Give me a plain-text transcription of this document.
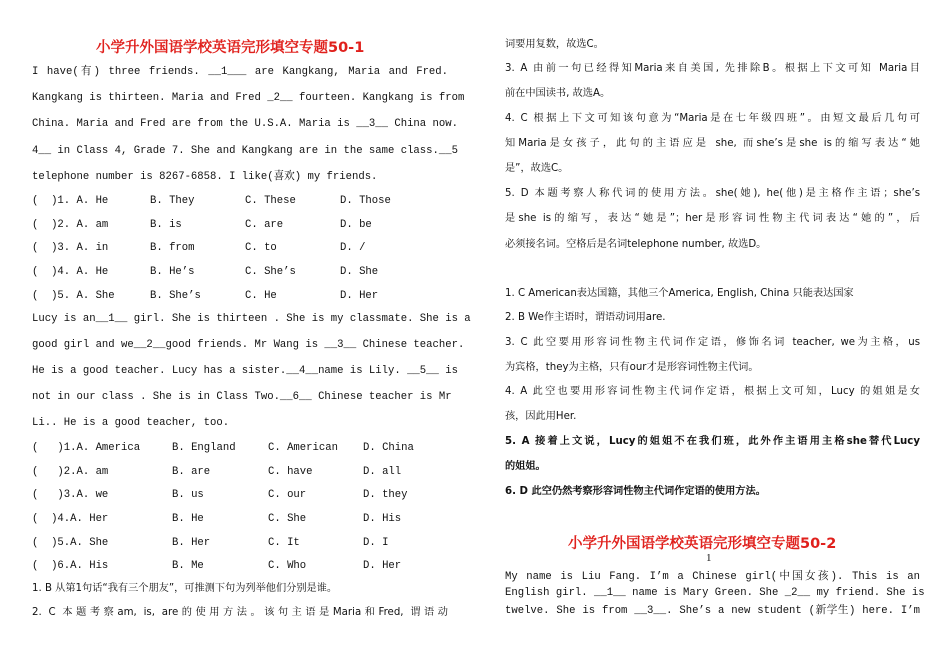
小学升外国语学校英语完形填空专题50-1
I have(有) three friends. __1___ are Kangkang, Maria and Fred.
Kangkang is thirteen. Maria and Fred _2__ fourteen. Kangkang is from
China. Maria and Fred are from the U.S.A. Maria is __3__ China now.
4__ in Class 4, Grade 7. She and Kangkang are in the same class.__5
telephone number is 8267-6858. I like(喜欢) my friends.
(  )1. A. He	B. They	C. These	D. Those
(  )2. A. am	B. is	C. are	D. be
(  )3. A. in	B. from	C. to	D. /
(  )4. A. He	B. He’s	C. She’s	D. She
(  )5. A. She	B. She’s	C. He	D. Her
Lucy is an__1__ girl. She is thirteen . She is my classmate. She is a
good girl and we__2__good friends. Mr Wang is __3__ Chinese teacher.
He is a good teacher. Lucy has a sister.__4__name is Lily. __5__ is
not in our class . She is in Class Two.__6__ Chinese teacher is Mr
Li.. He is a good teacher, too.
(   )1.A. America	B. England	C. American D. China
(   )2.A. am	B. are	C. have	D. all
(   )3.A. we	B. us	C. our	D. they
(  )4.A. Her	B. He	C. She	D. His
(  )5.A. She	B. Her	C. It	D. I
(  )6.A. His	B. Me	C. Who	D. Her
1. B 从第1句话“我有三个朋友”，可推测下句为列举他们分别是谁。
2. C 本题考察am, is, are的使用方法。该句主语是Maria和Fred, 谓语动
词要用复数，故选C。
3. A 由前一句已经得知Maria来自美国, 先排除B。根据上下文可知 Maria目
前在中国读书, 故选A。
4. C 根据上下文可知该句意为“Maria是在七年级四班”。由短文最后几句可
知Maria是女孩子，此句的主语应是 she, 而she’s是she is的缩写表达“她
是”，故选C。
5. D 本题考察人称代词的使用方法。she(她), he(他)是主格作主语；she’s
是she is的缩写，表达“她是”；her是形容词性物主代词表达“她的”，后
必须接名词。空格后是名词telephone number, 故选D。
1. C American表达国籍，其他三个America, English, China 只能表达国家
2. B We作主语时，谓语动词用are.
3. C 此空要用形容词性物主代词作定语，修饰名词 teacher, we为主格，us
为宾格，they为主格，只有our才是形容词性物主代词。
4. A 此空也要用形容词性物主代词作定语，根据上文可知，Lucy 的姐姐是女
孩，因此用Her.
5. A 接着上文说，Lucy的姐姐不在我们班，此外作主语用主格she替代Lucy
的姐姐。
6. D 此空仍然考察形容词性物主代词作定语的使用方法。
小学升外国语学校英语完形填空专题50-2
My name is Liu Fang. I’m a Chinese girl(中国女孩). This is an
English girl. __1__ name is Mary Green. She _2__ my friend. She is
twelve. She is from __3__. She’s a new student (新学生) here. I’m
1
